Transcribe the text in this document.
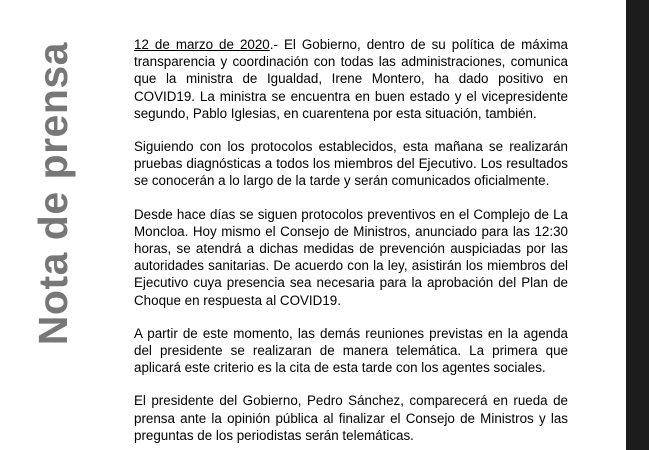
Nota de prensa	12 de marzo de 2020.- El Gobierno, dentro de su política de máxima transparencia y coordinación con todas las administraciones, comunica que la ministra de Igualdad, Irene Montero, ha dado positivo en COVID19. La ministra se encuentra en buen estado y el vicepresidente segundo, Pablo Iglesias, en cuarentena por esta situación, también.

Siguiendo con los protocolos establecidos, esta mañana se realizarán pruebas diagnósticas a todos los miembros del Ejecutivo. Los resultados se conocerán a lo largo de la tarde y serán comunicados oficialmente.

Desde hace días se siguen protocolos preventivos en el Complejo de La Moncloa. Hoy mismo el Consejo de Ministros, anunciado para las 12:30 horas, se atendrá a dichas medidas de prevención auspiciadas por las autoridades sanitarias. De acuerdo con la ley, asistirán los miembros del Ejecutivo cuya presencia sea necesaria para la aprobación del Plan de Choque en respuesta al COVID19.

A partir de este momento, las demás reuniones previstas en la agenda del presidente se realizaran de manera telemática. La primera que aplicará este criterio es la cita de esta tarde con los agentes sociales.

El presidente del Gobierno, Pedro Sánchez, comparecerá en rueda de prensa ante la opinión pública al finalizar el Consejo de Ministros y las preguntas de los periodistas serán telemáticas.
